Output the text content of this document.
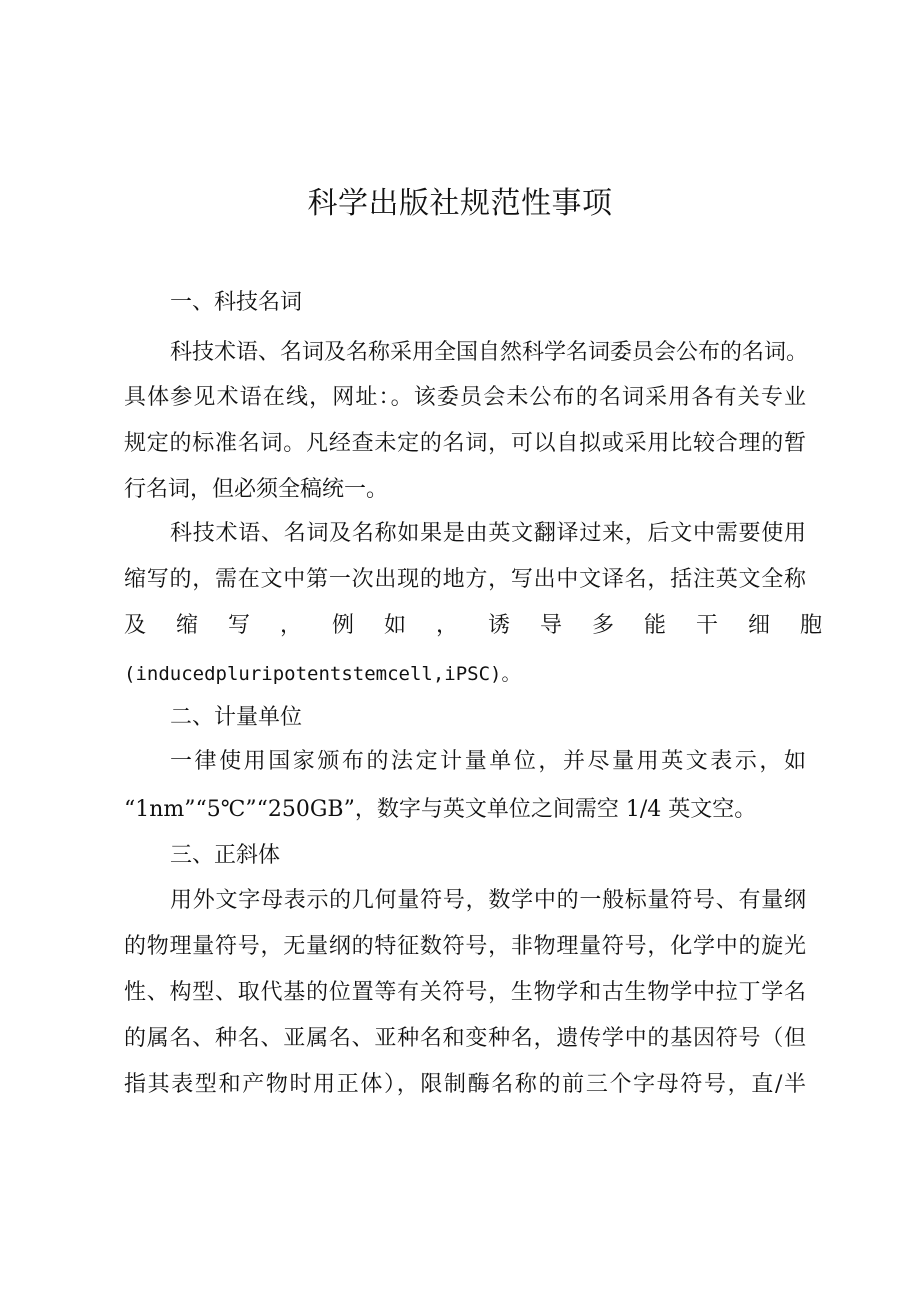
科学出版社规范性事项
一、科技名词

科技术语、名词及名称采用全国自然科学名词委员会公布的名词。

具体参见术语在线，网址：。该委员会未公布的名词采用各有关专业

规定的标准名词。凡经查未定的名词，可以自拟或采用比较合理的暂

行名词，但必须全稿统一。

科技术语、名词及名称如果是由英文翻译过来，后文中需要使用

缩写的，需在文中第一次出现的地方，写出中文译名，括注英文全称

及缩写，例如，诱导多能干细胞

(inducedpluripotentstemcell,iPSC)。

二、计量单位

一律使用国家颁布的法定计量单位，并尽量用英文表示，如

“1nm”“5℃”“250GB”，数字与英文单位之间需空 1/4 英文空。

三、正斜体

用外文字母表示的几何量符号，数学中的一般标量符号、有量纲

的物理量符号，无量纲的特征数符号，非物理量符号，化学中的旋光

性、构型、取代基的位置等有关符号，生物学和古生物学中拉丁学名

的属名、种名、亚属名、亚种名和变种名，遗传学中的基因符号（但

指其表型和产物时用正体），限制酶名称的前三个字母符号，直/半
